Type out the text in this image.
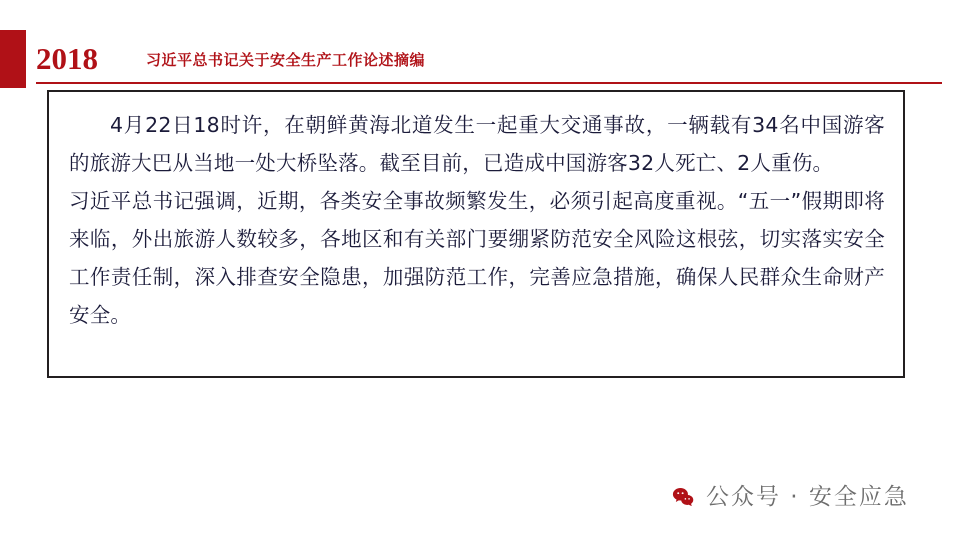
2018	习近平总书记关于安全生产工作论述摘编

4月22日18时许，在朝鲜黄海北道发生一起重大交通事故，一辆载有34名中国游客的旅游大巴从当地一处大桥坠落。截至目前，已造成中国游客32人死亡、2人重伤。

习近平总书记强调，近期，各类安全事故频繁发生，必须引起高度重视。“五一”假期即将来临，外出旅游人数较多，各地区和有关部门要绷紧防范安全风险这根弦，切实落实安全工作责任制，深入排查安全隐患，加强防范工作，完善应急措施，确保人民群众生命财产安全。

公众号 · 安全应急
